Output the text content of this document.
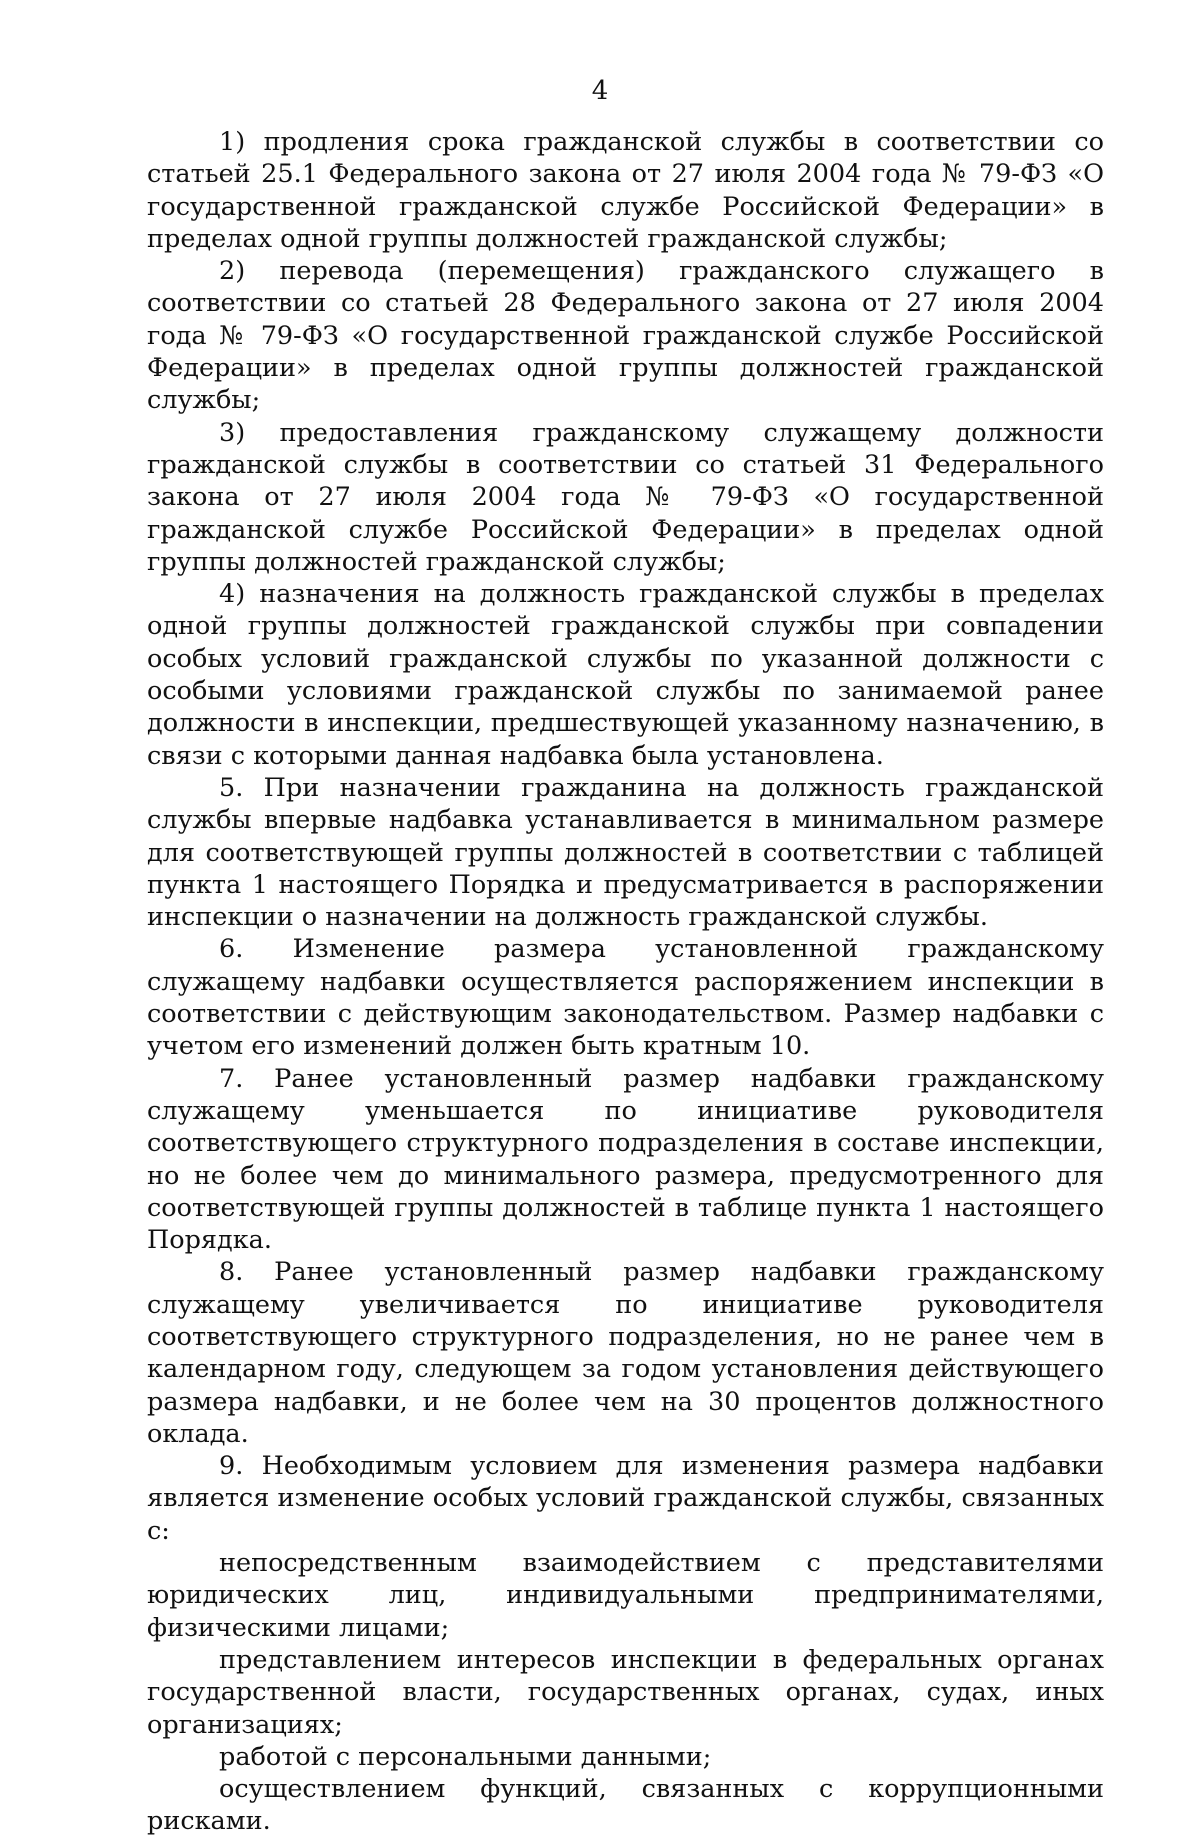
4

1) продления срока гражданской службы в соответствии со статьей 25.1 Федерального закона от 27 июля 2004 года № 79-ФЗ «О государственной гражданской службе Российской Федерации» в пределах одной группы должностей гражданской службы;

2) перевода (перемещения) гражданского служащего в соответствии со статьей 28 Федерального закона от 27 июля 2004 года № 79-ФЗ «О государственной гражданской службе Российской Федерации» в пределах одной группы должностей гражданской службы;

3) предоставления гражданскому служащему должности гражданской службы в соответствии со статьей 31 Федерального закона от 27 июля 2004 года № 79-ФЗ «О государственной гражданской службе Российской Федерации» в пределах одной группы должностей гражданской службы;

4) назначения на должность гражданской службы в пределах одной группы должностей гражданской службы при совпадении особых условий гражданской службы по указанной должности с особыми условиями гражданской службы по занимаемой ранее должности в инспекции, предшествующей указанному назначению, в связи с которыми данная надбавка была установлена.

5. При назначении гражданина на должность гражданской службы впервые надбавка устанавливается в минимальном размере для соответствующей группы должностей в соответствии с таблицей пункта 1 настоящего Порядка и предусматривается в распоряжении инспекции о назначении на должность гражданской службы.

6. Изменение размера установленной гражданскому служащему надбавки осуществляется распоряжением инспекции в соответствии с действующим законодательством. Размер надбавки с учетом его изменений должен быть кратным 10.

7. Ранее установленный размер надбавки гражданскому служащему уменьшается по инициативе руководителя соответствующего структурного подразделения в составе инспекции, но не более чем до минимального размера, предусмотренного для соответствующей группы должностей в таблице пункта 1 настоящего Порядка.

8. Ранее установленный размер надбавки гражданскому служащему увеличивается по инициативе руководителя соответствующего структурного подразделения, но не ранее чем в календарном году, следующем за годом установления действующего размера надбавки, и не более чем на 30 процентов должностного оклада.

9. Необходимым условием для изменения размера надбавки является изменение особых условий гражданской службы, связанных с:

непосредственным взаимодействием с представителями юридических лиц, индивидуальными предпринимателями, физическими лицами;

представлением интересов инспекции в федеральных органах государственной власти, государственных органах, судах, иных организациях;

работой с персональными данными;

осуществлением функций, связанных с коррупционными рисками.
